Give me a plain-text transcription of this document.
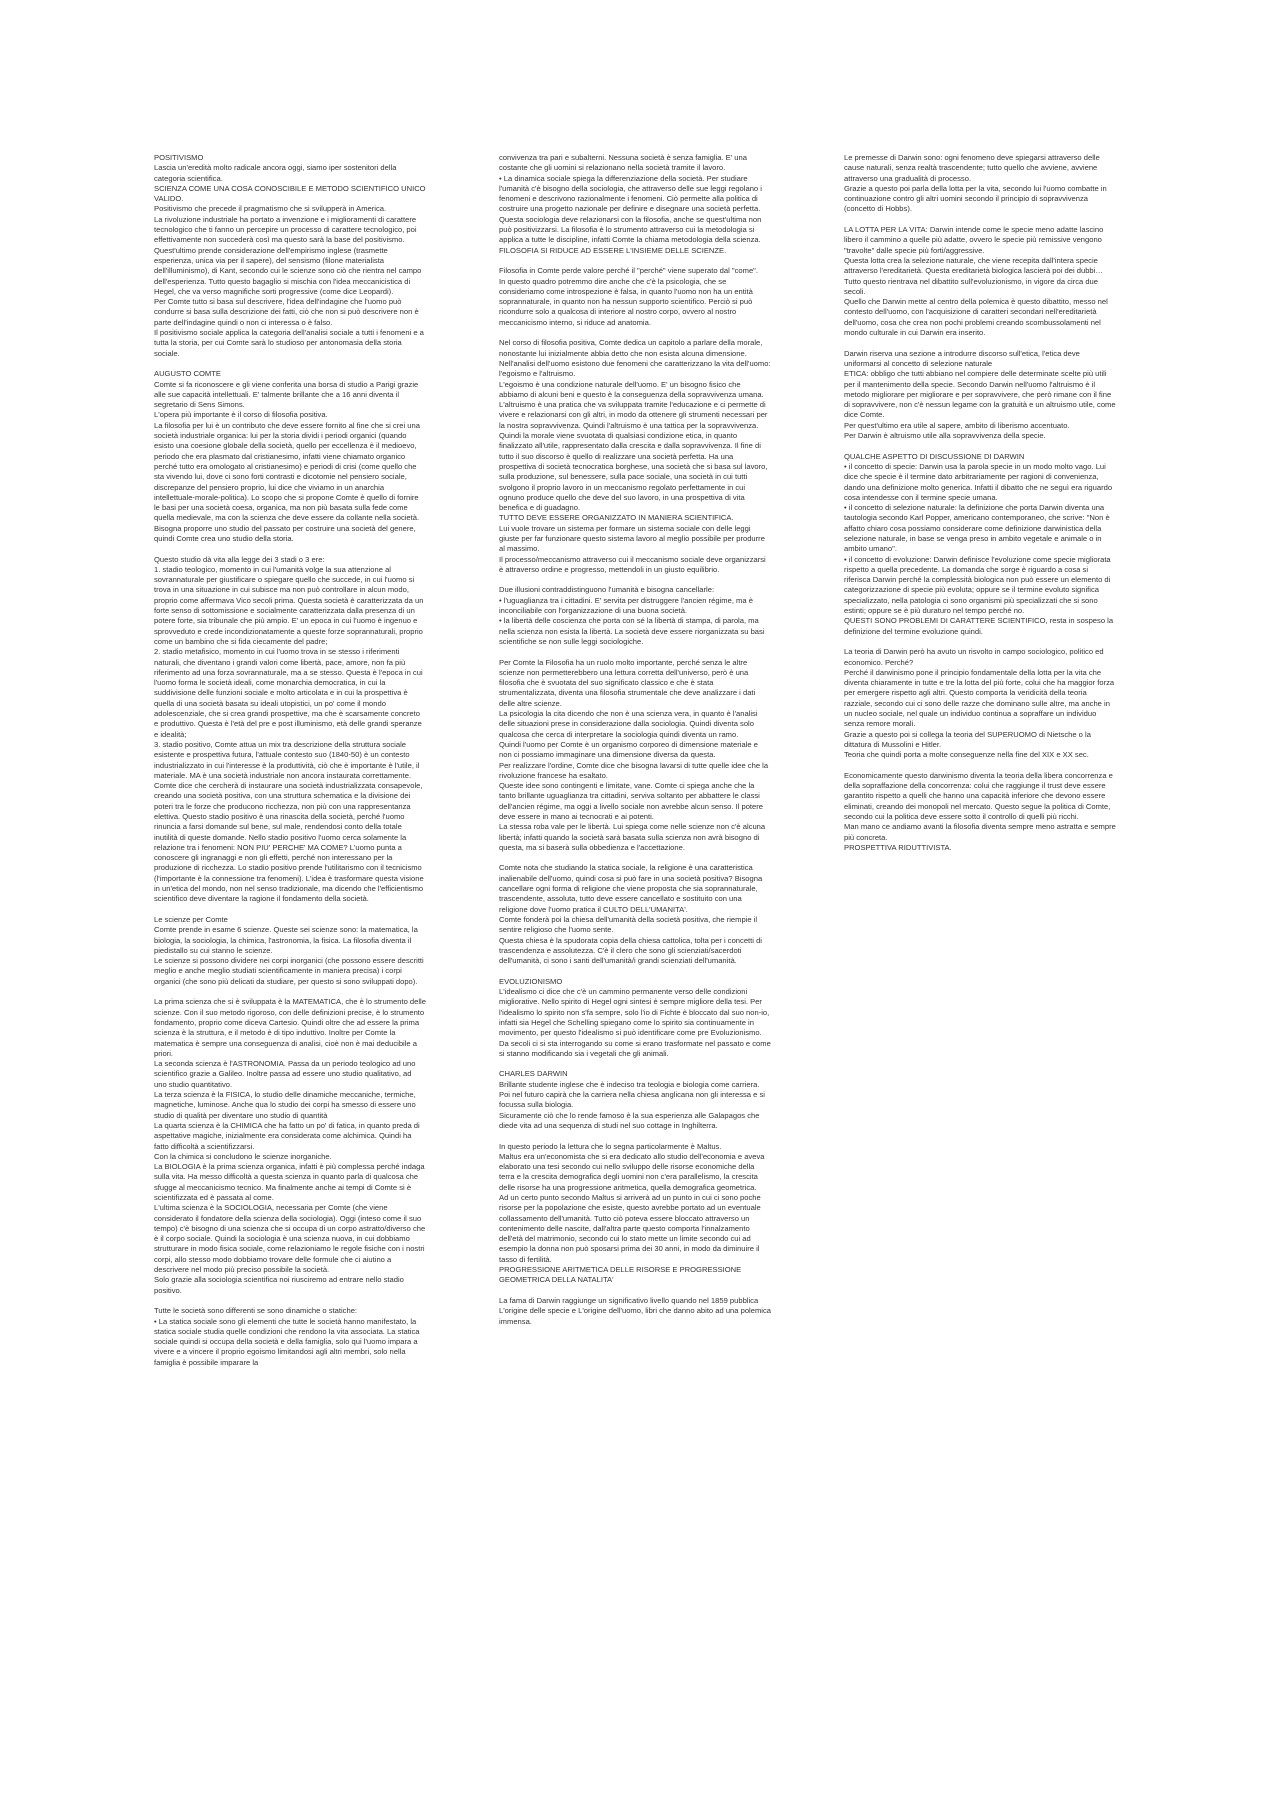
POSITIVISMO
Lascia un'eredità molto radicale ancora oggi, siamo iper sostenitori della categoria scientifica.
SCIENZA COME UNA COSA CONOSCIBILE E METODO SCIENTIFICO UNICO VALIDO.
Positivismo che precede il pragmatismo che si svilupperà in America.
La rivoluzione industriale ha portato a invenzione e i miglioramenti di carattere tecnologico che ti fanno un percepire un processo di carattere tecnologico, poi effettivamente non succederà così ma questo sarà la base del positivismo.
Quest'ultimo prende considerazione dell'empirismo inglese (trasmette esperienza, unica via per il sapere), del sensismo (filone materialista dell'illuminismo), di Kant, secondo cui le scienze sono ciò che rientra nel campo dell'esperienza. Tutto questo bagaglio si mischia con l'idea meccanicistica di Hegel, che va verso magnifiche sorti progressive (come dice Leopardi).
Per Comte tutto si basa sul descrivere, l'idea dell'indagine che l'uomo può condurre si basa sulla descrizione dei fatti, ciò che non si può descrivere non è parte dell'indagine quindi o non ci interessa o è falso.
Il positivismo sociale applica la categoria dell'analisi sociale a tutti i fenomeni e a tutta la storia, per cui Comte sarà lo studioso per antonomasia della storia sociale.

AUGUSTO COMTE
Comte si fa riconoscere e gli viene conferita una borsa di studio a Parigi grazie alle sue capacità intellettuali. E' talmente brillante che a 16 anni diventa il segretario di Sens Simons.
L'opera più importante è il corso di filosofia positiva.
La filosofia per lui è un contributo che deve essere fornito al fine che si crei una società industriale organica: lui per la storia dividi i periodi organici (quando esisto una coesione globale della società, quello per eccellenza è il medioevo, periodo che era plasmato dal cristianesimo, infatti viene chiamato organico perché tutto era omologato al cristianesimo) e periodi di crisi (come quello che sta vivendo lui, dove ci sono forti contrasti e dicotomie nel pensiero sociale, discrepanze del pensiero proprio, lui dice che viviamo in un anarchia intellettuale-morale-politica). Lo scopo che si propone Comte è quello di fornire le basi per una società coesa, organica, ma non più basata sulla fede come quella medievale, ma con la scienza che deve essere da collante nella società. Bisogna proporre uno studio del passato per costruire una società del genere, quindi Comte crea uno studio della storia.

Questo studio dà vita alla legge dei 3 stadi o 3 ere:
1. stadio teologico, momento in cui l'umanità volge la sua attenzione al sovrannaturale per giustificare o spiegare quello che succede, in cui l'uomo si trova in una situazione in cui subisce ma non può controllare in alcun modo, proprio come affermava Vico secoli prima. Questa società è caratterizzata da un forte senso di sottomissione e socialmente caratterizzata dalla presenza di un potere forte, sia tribunale che più ampio. E' un epoca in cui l'uomo è ingenuo e sprovveduto e crede incondizionatamente a queste forze soprannaturali, proprio come un bambino che si fida ciecamente del padre;
2. stadio metafisico, momento in cui l'uomo trova in se stesso i riferimenti naturali, che diventano i grandi valori come libertà, pace, amore, non fa più riferimento ad una forza sovrannaturale, ma a se stesso. Questa è l'epoca in cui l'uomo forma le società ideali, come monarchia democratica, in cui la suddivisione delle funzioni sociale e molto articolata e in cui la prospettiva è quella di una società basata su ideali utopistici, un po' come il mondo adolescenziale, che si crea grandi prospettive, ma che è scarsamente concreto e produttivo. Questa è l'età del pre e post illuminismo, età delle grandi speranze e idealità;
3. stadio positivo, Comte attua un mix tra descrizione della struttura sociale esistente e prospettiva futura, l'attuale contesto suo (1840-50) è un contesto industrializzato in cui l'interesse è la produttività, ciò che è importante è l'utile, il materiale. MA è una società industriale non ancora instaurata correttamente. Comte dice che cercherà di instaurare una società industrializzata consapevole, creando una società positiva, con una struttura schematica e la divisione dei poteri tra le forze che producono ricchezza, non più con una rappresentanza elettiva. Questo stadio positivo è una rinascita della società, perché l'uomo rinuncia a farsi domande sul bene, sul male, rendendosi conto della totale inutilità di queste domande. Nello stadio positivo l'uomo cerca solamente la relazione tra i fenomeni: NON PIU' PERCHE' MA COME? L'uomo punta a conoscere gli ingranaggi e non gli effetti, perché non interessano per la produzione di ricchezza. Lo stadio positivo prende l'utilitarismo con il tecnicismo (l'importante è la connessione tra fenomeni). L'idea è trasformare questa visione in un'etica del mondo, non nel senso tradizionale, ma dicendo che l'efficientismo scientifico deve diventare la ragione il fondamento della società.

Le scienze per Comte
Comte prende in esame 6 scienze. Queste sei scienze sono: la matematica, la biologia, la sociologia, la chimica, l'astronomia, la fisica. La filosofia diventa il piedistallo su cui stanno le scienze.
Le scienze si possono dividere nei corpi inorganici (che possono essere descritti meglio e anche meglio studiati scientificamente in maniera precisa) i corpi organici (che sono più delicati da studiare, per questo si sono sviluppati dopo).

La prima scienza che si è sviluppata è la MATEMATICA, che è lo strumento delle scienze. Con il suo metodo rigoroso, con delle definizioni precise, è lo strumento fondamento, proprio come diceva Cartesio. Quindi oltre che ad essere la prima scienza è la struttura, e il metodo è di tipo induttivo. Inoltre per Comte la matematica è sempre una conseguenza di analisi, cioè non è mai deducibile a priori.
La seconda scienza è l'ASTRONOMIA. Passa da un periodo teologico ad uno scientifico grazie a Galileo. Inoltre passa ad essere uno studio qualitativo, ad uno studio quantitativo.
La terza scienza è la FISICA, lo studio delle dinamiche meccaniche, termiche, magnetiche, luminose. Anche qua lo studio dei corpi ha smesso di essere uno studio di qualità per diventare uno studio di quantità
La quarta scienza è la CHIMICA che ha fatto un po' di fatica, in quanto preda di aspettative magiche, inizialmente era considerata come alchimica. Quindi ha fatto difficoltà a scientifizzarsi.
Con la chimica si concludono le scienze inorganiche.
La BIOLOGIA è la prima scienza organica, infatti è più complessa perché indaga sulla vita. Ha messo difficoltà a questa scienza in quanto parla di qualcosa che sfugge al meccanicismo tecnico. Ma finalmente anche ai tempi di Comte si è scientifizzata ed è passata al come.
L'ultima scienza è la SOCIOLOGIA, necessaria per Comte (che viene considerato il fondatore della scienza della sociologia). Oggi (inteso come il suo tempo) c'è bisogno di una scienza che si occupa di un corpo astratto/diverso che è il corpo sociale. Quindi la sociologia è una scienza nuova, in cui dobbiamo strutturare in modo fisica sociale, come relazioniamo le regole fisiche con i nostri corpi, allo stesso modo dobbiamo trovare delle formule che ci aiutino a descrivere nel modo più preciso possibile la società.
Solo grazie alla sociologia scientifica noi riusciremo ad entrare nello stadio positivo.

Tutte le società sono differenti se sono dinamiche o statiche:
• La statica sociale sono gli elementi che tutte le società hanno manifestato, la statica sociale studia quelle condizioni che rendono la vita associata. La statica sociale quindi si occupa della società e della famiglia, solo qui l'uomo impara a vivere e a vincere il proprio egoismo limitandosi agli altri membri, solo nella famiglia è possibile imparare la

convivenza tra pari e subalterni. Nessuna società è senza famiglia. E' una costante che gli uomini si relazionano nella società tramite il lavoro.
• La dinamica sociale spiega la differenziazione della società. Per studiare l'umanità c'è bisogno della sociologia, che attraverso delle sue leggi regolano i fenomeni e descrivono razionalmente i fenomeni. Ciò permette alla politica di costruire una progetto nazionale per definire e disegnare una società perfetta.
Questa sociologia deve relazionarsi con la filosofia, anche se quest'ultima non può positivizzarsi. La filosofia è lo strumento attraverso cui la metodologia si applica a tutte le discipline, infatti Comte la chiama metodologia della scienza.
FILOSOFIA SI RIDUCE AD ESSERE L'INSIEME DELLE SCIENZE.

Filosofia in Comte perde valore perché il "perché" viene superato dal "come".
In questo quadro potremmo dire anche che c'è la psicologia, che se consideriamo come introspezione è falsa, in quanto l'uomo non ha un entità soprannaturale, in quanto non ha nessun supporto scientifico. Perciò si può ricondurre solo a qualcosa di interiore al nostro corpo, ovvero al nostro meccanicismo interno, si riduce ad anatomia.

Nel corso di filosofia positiva, Comte dedica un capitolo a parlare della morale, nonostante lui inizialmente abbia detto che non esista alcuna dimensione.
Nell'analisi dell'uomo esistono due fenomeni che caratterizzano la vita dell'uomo: l'egoismo e l'altruismo.
L'egoismo è una condizione naturale dell'uomo. E' un bisogno fisico che abbiamo di alcuni beni e questo è la conseguenza della sopravvivenza umana.
L'altruismo è una pratica che va sviluppata tramite l'educazione e ci permette di vivere e relazionarsi con gli altri, in modo da ottenere gli strumenti necessari per la nostra sopravvivenza. Quindi l'altruismo è una tattica per la sopravvivenza.
Quindi la morale viene svuotata di qualsiasi condizione etica, in quanto finalizzato all'utile, rappresentato dalla crescita e dalla sopravvivenza. Il fine di tutto il suo discorso è quello di realizzare una società perfetta. Ha una prospettiva di società tecnocratica borghese, una società che si basa sul lavoro, sulla produzione, sul benessere, sulla pace sociale, una società in cui tutti svolgono il proprio lavoro in un meccanismo regolato perfettamente in cui ognuno produce quello che deve del suo lavoro, in una prospettiva di vita benefica e di guadagno.
TUTTO DEVE ESSERE ORGANIZZATO IN MANIERA SCIENTIFICA.
Lui vuole trovare un sistema per formare un sistema sociale con delle leggi giuste per far funzionare questo sistema lavoro al meglio possibile per produrre al massimo.
Il processo/meccanismo attraverso cui il meccanismo sociale deve organizzarsi è attraverso ordine e progresso, mettendoli in un giusto equilibrio.

Due illusioni contraddistinguono l'umanità e bisogna cancellarle:
• l'uguaglianza tra i cittadini. E' servita per distruggere l'ancien régime, ma è inconciliabile con l'organizzazione di una buona società.
• la libertà delle coscienza che porta con sé la libertà di stampa, di parola, ma nella scienza non esista la libertà. La società deve essere riorganizzata su basi scientifiche se non sulle leggi sociologiche.

Per Comte la Filosofia ha un ruolo molto importante, perché senza le altre scienze non permetterebbero una lettura corretta dell'universo, però è una filosofia che è svuotata del suo significato classico e che è stata strumentalizzata, diventa una filosofia strumentale che deve analizzare i dati delle altre scienze.
La psicologia la cita dicendo che non è una scienza vera, in quanto è l'analisi delle situazioni prese in considerazione dalla sociologia. Quindi diventa solo qualcosa che cerca di interpretare la sociologia quindi diventa un ramo.
Quindi l'uomo per Comte è un organismo corporeo di dimensione materiale e non ci possiamo immaginare una dimensione diversa da questa.
Per realizzare l'ordine, Comte dice che bisogna lavarsi di tutte quelle idee che la rivoluzione francese ha esaltato.
Queste idee sono contingenti e limitate, vane. Comte ci spiega anche che la tanto brillante uguaglianza tra cittadini, serviva soltanto per abbattere le classi dell'ancien régime, ma oggi a livello sociale non avrebbe alcun senso. Il potere deve essere in mano ai tecnocrati e ai potenti.
La stessa roba vale per le libertà. Lui spiega come nelle scienze non c'è alcuna libertà; infatti quando la società sarà basata sulla scienza non avrà bisogno di questa, ma si baserà sulla obbedienza e l'accettazione.

Comte nota che studiando la statica sociale, la religione è una caratteristica inalienabile dell'uomo, quindi cosa si può fare in una società positiva? Bisogna cancellare ogni forma di religione che viene proposta che sia soprannaturale, trascendente, assoluta, tutto deve essere cancellato e sostituito con una religione dove l'uomo pratica il CULTO DELL'UMANITA'.
Comte fonderà poi la chiesa dell'umanità della società positiva, che riempie il sentire religioso che l'uomo sente.
Questa chiesa è la spudorata copia della chiesa cattolica, tolta per i concetti di trascendenza e assolutezza. C'è il clero che sono gli scienziati/sacerdoti dell'umanità, ci sono i santi dell'umanità/i grandi scienziati dell'umanità.

EVOLUZIONISMO
L'idealismo ci dice che c'è un cammino permanente verso delle condizioni migliorative. Nello spirito di Hegel ogni sintesi è sempre migliore della tesi. Per l'idealismo lo spirito non s'fa sempre, solo l'io di Fichte è bloccato dal suo non-io, infatti sia Hegel che Schelling spiegano come lo spirito sia continuamente in movimento, per questo l'idealismo si può identificare come pre Evoluzionismo.
Da secoli ci si sta interrogando su come si erano trasformate nel passato e come si stanno modificando sia i vegetali che gli animali.

CHARLES DARWIN
Brillante studente inglese che è indeciso tra teologia e biologia come carriera. Poi nel futuro capirà che la carriera nella chiesa anglicana non gli interessa e si focussa sulla biologia.
Sicuramente ciò che lo rende famoso è la sua esperienza alle Galapagos che diede vita ad una sequenza di studi nel suo cottage in Inghilterra.

In questo periodo la lettura che lo segna particolarmente è Maltus.
Maltus era un'economista che si era dedicato allo studio dell'economia e aveva elaborato una tesi secondo cui nello sviluppo delle risorse economiche della terra e la crescita demografica degli uomini non c'era parallelismo, la crescita delle risorse ha una progressione aritmetica, quella demografica geometrica.
Ad un certo punto secondo Maltus si arriverà ad un punto in cui ci sono poche risorse per la popolazione che esiste, questo avrebbe portato ad un eventuale collassamento dell'umanità. Tutto ciò poteva essere bloccato attraverso un contenimento delle nascite, dall'altra parte questo comporta l'innalzamento dell'età del matrimonio, secondo cui lo stato mette un limite secondo cui ad esempio la donna non può sposarsi prima dei 30 anni, in modo da diminuire il tasso di fertilità.
PROGRESSIONE ARITMETICA DELLE RISORSE E PROGRESSIONE GEOMETRICA DELLA NATALITA'

La fama di Darwin raggiunge un significativo livello quando nel 1859 pubblica L'origine delle specie e L'origine dell'uomo, libri che danno abito ad una polemica immensa.

Le premesse di Darwin sono: ogni fenomeno deve spiegarsi attraverso delle cause naturali, senza realtà trascendente; tutto quello che avviene, avviene attraverso una gradualità di processo.
Grazie a questo poi parla della lotta per la vita, secondo lui l'uomo combatte in continuazione contro gli altri uomini secondo il principio di sopravvivenza (concetto di Hobbs).

LA LOTTA PER LA VITA: Darwin intende come le specie meno adatte lascino libero il cammino a quelle più adatte, ovvero le specie più remissive vengono "travolte" dalle specie più forti/aggressive.
Questa lotta crea la selezione naturale, che viene recepita dall'intera specie attraverso l'ereditarietà. Questa ereditarietà biologica lascierà poi dei dubbi…
Tutto questo rientrava nel dibattito sull'evoluzionismo, in vigore da circa due secoli.
Quello che Darwin mette al centro della polemica è questo dibattito, messo nel contesto dell'uomo, con l'acquisizione di caratteri secondari nell'ereditarietà dell'uomo, cosa che crea non pochi problemi creando scombussolamenti nel mondo culturale in cui Darwin era inserito.

Darwin riserva una sezione a introdurre discorso sull'etica, l'etica deve uniformarsi al concetto di selezione naturale
ETICA: obbligo che tutti abbiano nel compiere delle determinate scelte più utili per il mantenimento della specie. Secondo Darwin nell'uomo l'altruismo è il metodo migliorare per migliorare e per sopravvivere, che però rimane con il fine di sopravvivere, non c'è nessun legame con la gratuità e un altruismo utile, come dice Comte.
Per quest'ultimo era utile al sapere, ambito di liberismo accentuato.
Per Darwin è altruismo utile alla sopravvivenza della specie.

QUALCHE ASPETTO DI DISCUSSIONE DI DARWIN
• il concetto di specie: Darwin usa la parola specie in un modo molto vago. Lui dice che specie è il termine dato arbitrariamente per ragioni di convenienza, dando una definizione molto generica. Infatti il dibatto che ne seguì era riguardo cosa intendesse con il termine specie umana.
• il concetto di selezione naturale: la definizione che porta Darwin diventa una tautologia secondo Karl Popper, americano contemporaneo, che scrive: "Non è affatto chiaro cosa possiamo considerare come definizione darwinistica della selezione naturale, in base se venga preso in ambito vegetale e animale o in ambito umano".
• il concetto di evoluzione: Darwin definisce l'evoluzione come specie migliorata rispetto a quella precedente. La domanda che sorge è riguardo a cosa si riferisca Darwin perché la complessità biologica non può essere un elemento di categorizzazione di specie più evoluta; oppure se il termine evoluto significa specializzato, nella patologia ci sono organismi più specializzati che si sono estinti; oppure se è più duraturo nel tempo perché no.
QUESTI SONO PROBLEMI DI CARATTERE SCIENTIFICO, resta in sospeso la definizione del termine evoluzione quindi.

La teoria di Darwin però ha avuto un risvolto in campo sociologico, politico ed economico. Perché?
Perché il darwinismo pone il principio fondamentale della lotta per la vita che diventa chiaramente in tutte e tre la lotta del più forte, colui che ha maggior forza per emergere rispetto agli altri. Questo comporta la veridicità della teoria razziale, secondo cui ci sono delle razze che dominano sulle altre, ma anche in un nucleo sociale, nel quale un individuo continua a sopraffare un individuo senza remore morali.
Grazie a questo poi si collega la teoria del SUPERUOMO di Nietsche o la dittatura di Mussolini e Hitler.
Teoria che quindi porta a molte conseguenze nella fine del XIX e XX sec.

Economicamente questo darwinismo diventa la teoria della libera concorrenza e della sopraffazione della concorrenza: colui che raggiunge il trust deve essere garantito rispetto a quelli che hanno una capacità inferiore che devono essere eliminati, creando dei monopoli nel mercato. Questo segue la politica di Comte, secondo cui la politica deve essere sotto il controllo di quelli più ricchi.
Man mano ce andiamo avanti la filosofia diventa sempre meno astratta e sempre più concreta.
PROSPETTIVA RIDUTTIVISTA.
